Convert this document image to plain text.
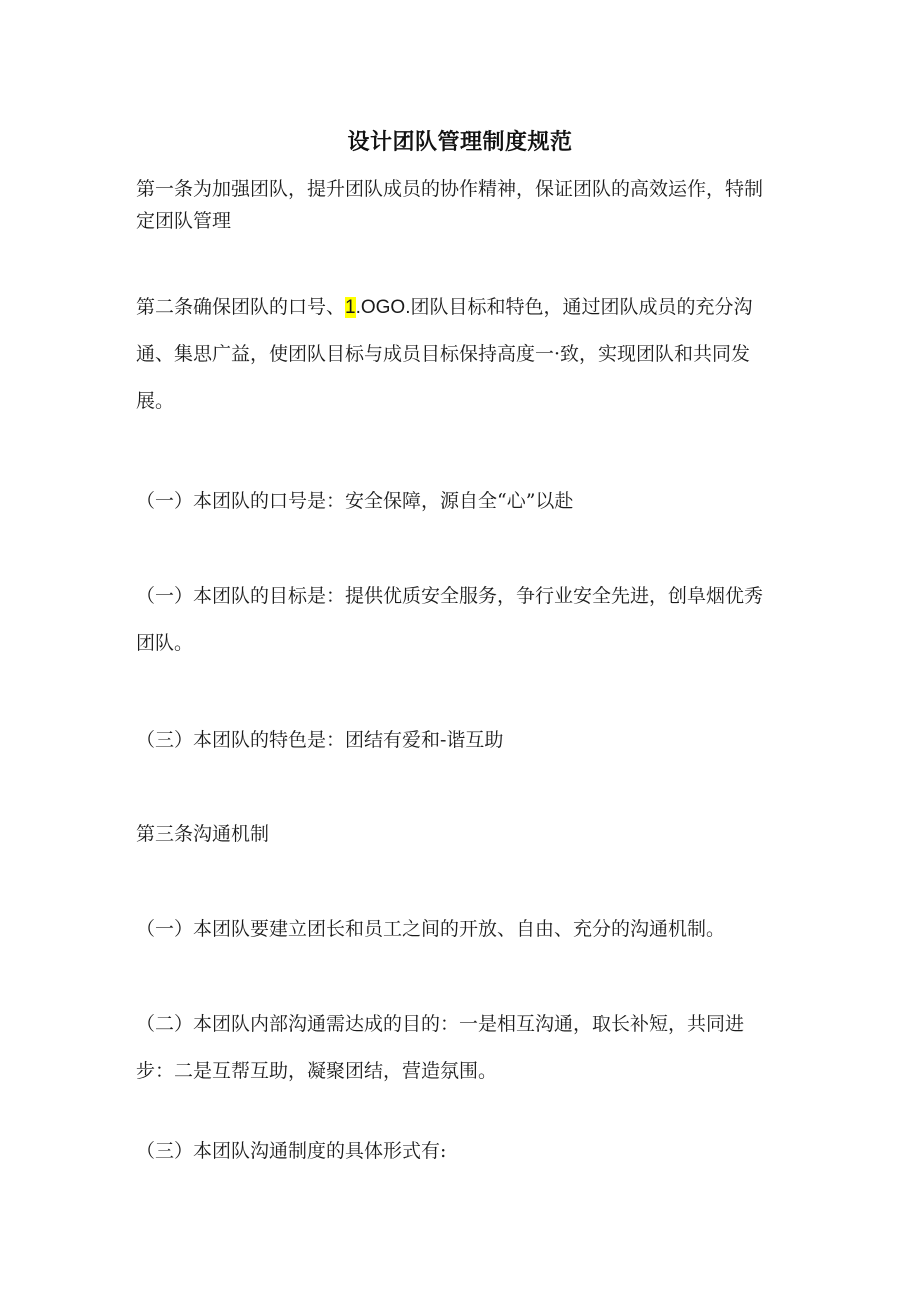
设计团队管理制度规范

第一条为加强团队，提升团队成员的协作精神，保证团队的高效运作，特制定团队管理

第二条确保团队的口号、1.OGO.团队目标和特色，通过团队成员的充分沟通、集思广益，使团队目标与成员目标保持高度一·致，实现团队和共同发展。

（一）本团队的口号是：安全保障，源自全“心”以赴

（一）本团队的目标是：提供优质安全服务，争行业安全先进，创阜烟优秀团队。

（三）本团队的特色是：团结有爱和-谐互助

第三条沟通机制

（一）本团队要建立团长和员工之间的开放、自由、充分的沟通机制。

（二）本团队内部沟通需达成的目的：一是相互沟通，取长补短，共同进步：二是互帮互助，凝聚团结，营造氛围。

（三）本团队沟通制度的具体形式有:
